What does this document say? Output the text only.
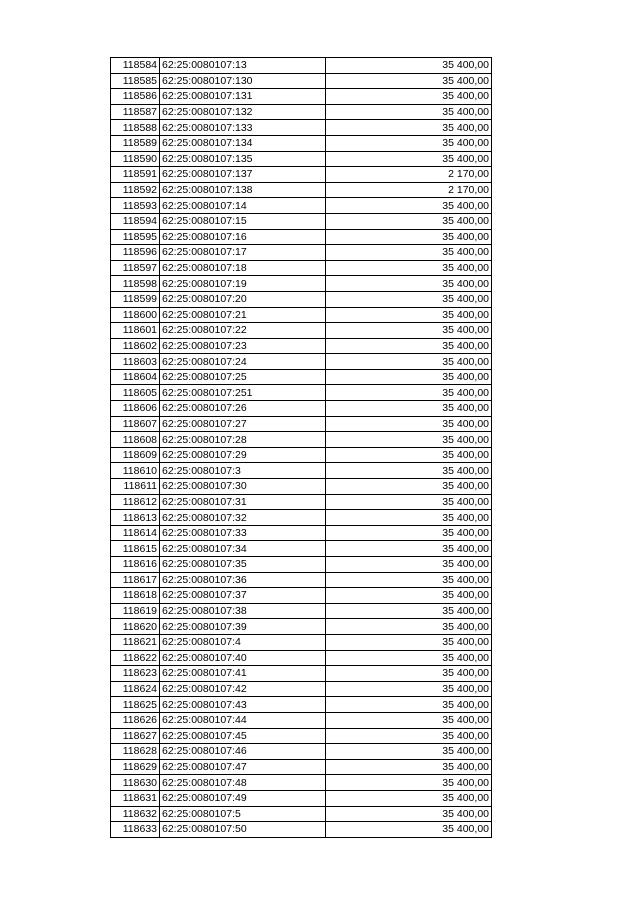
118584	62:25:0080107:13	35 400,00
118585	62:25:0080107:130	35 400,00
118586	62:25:0080107:131	35 400,00
118587	62:25:0080107:132	35 400,00
118588	62:25:0080107:133	35 400,00
118589	62:25:0080107:134	35 400,00
118590	62:25:0080107:135	35 400,00
118591	62:25:0080107:137	2 170,00
118592	62:25:0080107:138	2 170,00
118593	62:25:0080107:14	35 400,00
118594	62:25:0080107:15	35 400,00
118595	62:25:0080107:16	35 400,00
118596	62:25:0080107:17	35 400,00
118597	62:25:0080107:18	35 400,00
118598	62:25:0080107:19	35 400,00
118599	62:25:0080107:20	35 400,00
118600	62:25:0080107:21	35 400,00
118601	62:25:0080107:22	35 400,00
118602	62:25:0080107:23	35 400,00
118603	62:25:0080107:24	35 400,00
118604	62:25:0080107:25	35 400,00
118605	62:25:0080107:251	35 400,00
118606	62:25:0080107:26	35 400,00
118607	62:25:0080107:27	35 400,00
118608	62:25:0080107:28	35 400,00
118609	62:25:0080107:29	35 400,00
118610	62:25:0080107:3	35 400,00
118611	62:25:0080107:30	35 400,00
118612	62:25:0080107:31	35 400,00
118613	62:25:0080107:32	35 400,00
118614	62:25:0080107:33	35 400,00
118615	62:25:0080107:34	35 400,00
118616	62:25:0080107:35	35 400,00
118617	62:25:0080107:36	35 400,00
118618	62:25:0080107:37	35 400,00
118619	62:25:0080107:38	35 400,00
118620	62:25:0080107:39	35 400,00
118621	62:25:0080107:4	35 400,00
118622	62:25:0080107:40	35 400,00
118623	62:25:0080107:41	35 400,00
118624	62:25:0080107:42	35 400,00
118625	62:25:0080107:43	35 400,00
118626	62:25:0080107:44	35 400,00
118627	62:25:0080107:45	35 400,00
118628	62:25:0080107:46	35 400,00
118629	62:25:0080107:47	35 400,00
118630	62:25:0080107:48	35 400,00
118631	62:25:0080107:49	35 400,00
118632	62:25:0080107:5	35 400,00
118633	62:25:0080107:50	35 400,00
